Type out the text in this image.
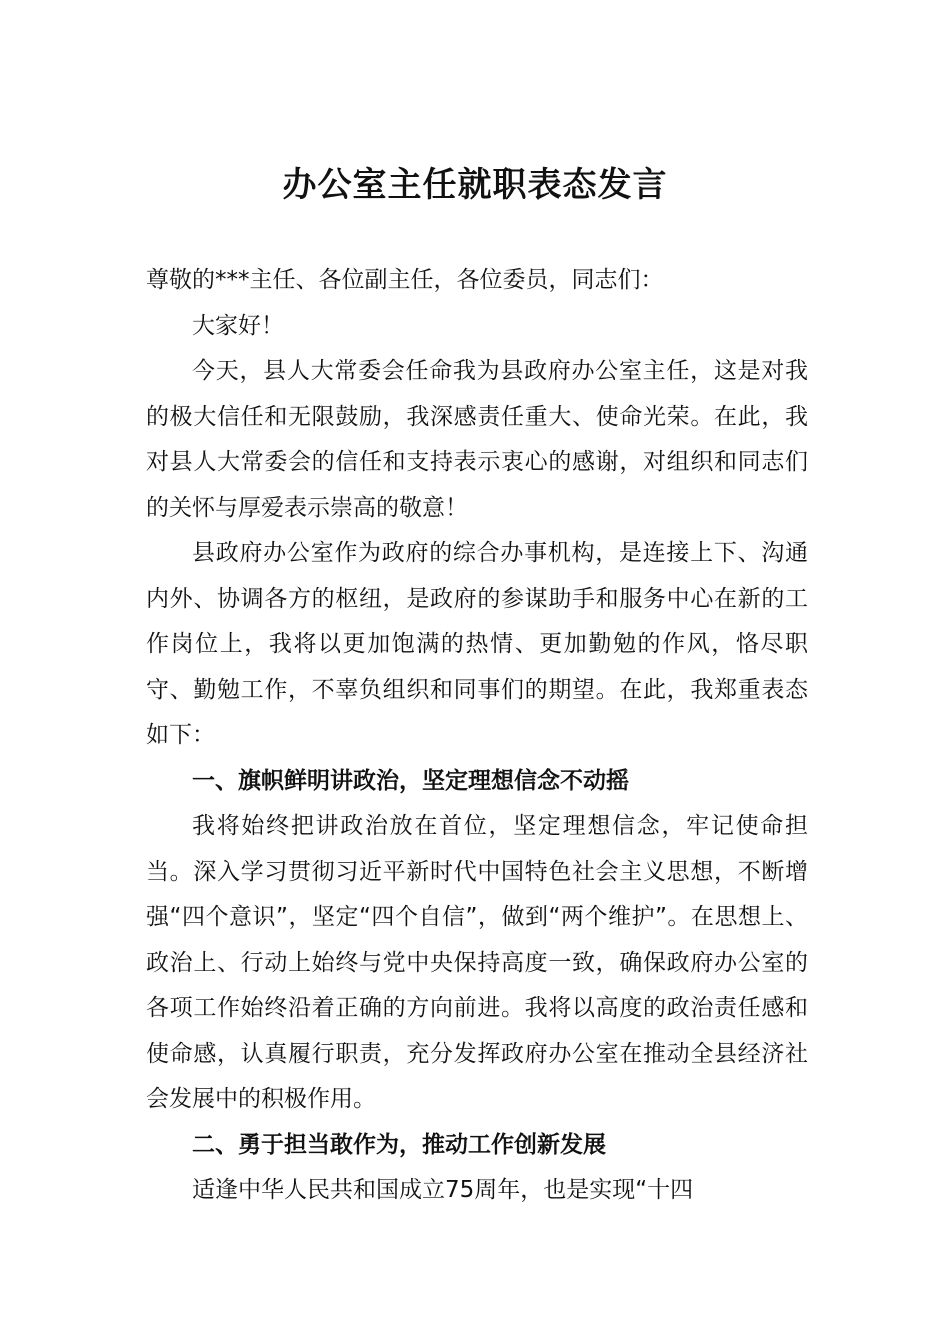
办公室主任就职表态发言

尊敬的***主任、各位副主任，各位委员，同志们：

大家好！

今天，县人大常委会任命我为县政府办公室主任，这是对我的极大信任和无限鼓励，我深感责任重大、使命光荣。在此，我对县人大常委会的信任和支持表示衷心的感谢，对组织和同志们的关怀与厚爱表示崇高的敬意！

县政府办公室作为政府的综合办事机构，是连接上下、沟通内外、协调各方的枢纽，是政府的参谋助手和服务中心在新的工作岗位上，我将以更加饱满的热情、更加勤勉的作风，恪尽职守、勤勉工作，不辜负组织和同事们的期望。在此，我郑重表态如下：

一、旗帜鲜明讲政治，坚定理想信念不动摇

我将始终把讲政治放在首位，坚定理想信念，牢记使命担当。深入学习贯彻习近平新时代中国特色社会主义思想，不断增强“四个意识”，坚定“四个自信”，做到“两个维护”。在思想上、政治上、行动上始终与党中央保持高度一致，确保政府办公室的各项工作始终沿着正确的方向前进。我将以高度的政治责任感和使命感，认真履行职责，充分发挥政府办公室在推动全县经济社会发展中的积极作用。

二、勇于担当敢作为，推动工作创新发展

适逢中华人民共和国成立75周年，也是实现“十四
